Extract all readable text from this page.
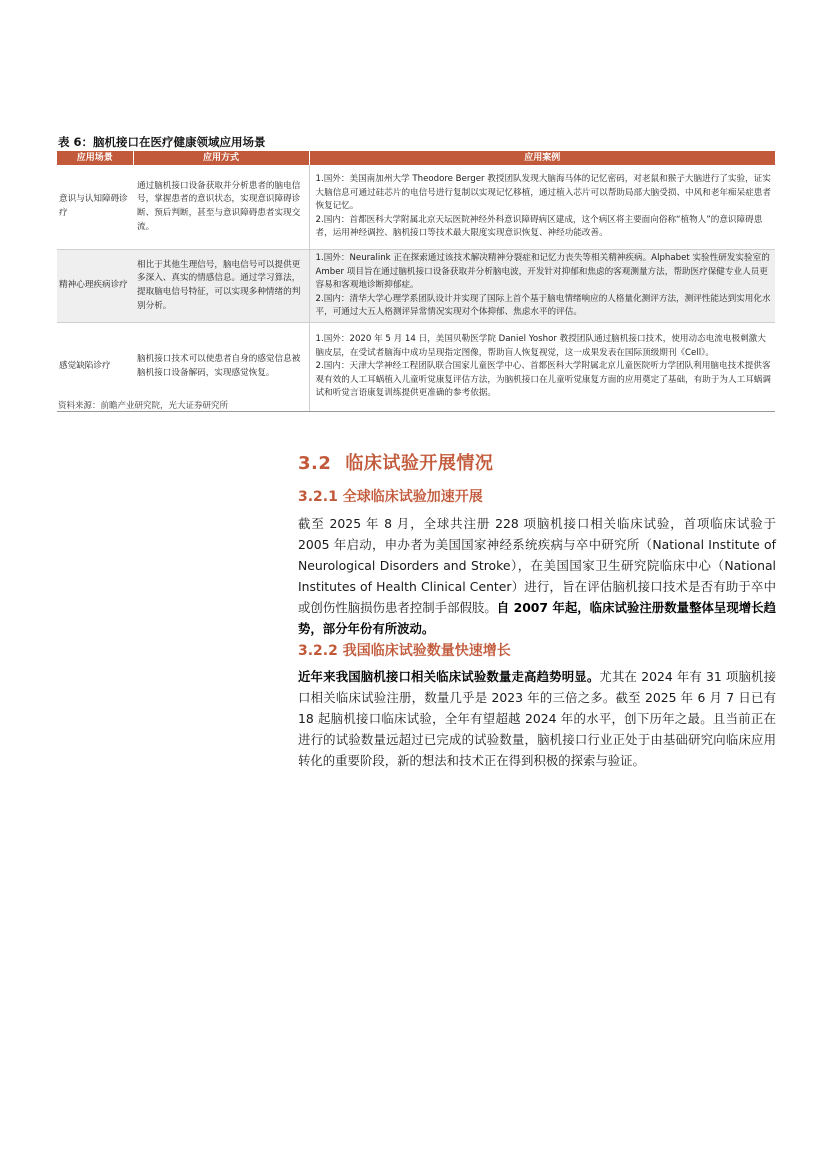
表 6：脑机接口在医疗健康领域应用场景
应用场景	应用方式	应用案例
意识与认知障碍诊疗	通过脑机接口设备获取并分析患者的脑电信号，掌握患者的意识状态，实现意识障碍诊断、预后判断，甚至与意识障碍患者实现交流。	1.国外：美国南加州大学 Theodore Berger 教授团队发现大脑海马体的记忆密码，对老鼠和猴子大脑进行了实验，证实大脑信息可通过硅芯片的电信号进行复制以实现记忆移植，通过植入芯片可以帮助局部大脑受损、中风和老年痴呆症患者恢复记忆。
2.国内：首都医科大学附属北京天坛医院神经外科意识障碍病区建成，这个病区将主要面向俗称“植物人”的意识障碍患者，运用神经调控、脑机接口等技术最大限度实现意识恢复、神经功能改善。

精神心理疾病诊疗	相比于其他生理信号，脑电信号可以提供更多深入、真实的情感信息。通过学习算法，提取脑电信号特征，可以实现多种情绪的判别分析。	1.国外：Neuralink 正在探索通过该技术解决精神分裂症和记忆力丧失等相关精神疾病。Alphabet 实验性研发实验室的 Amber 项目旨在通过脑机接口设备获取并分析脑电波，开发针对抑郁和焦虑的客观测量方法，帮助医疗保健专业人员更容易和客观地诊断抑郁症。
2.国内：清华大学心理学系团队设计并实现了国际上首个基于脑电情绪响应的人格量化测评方法，测评性能达到实用化水平，可通过大五人格测评异常情况实现对个体抑郁、焦虑水平的评估。

感觉缺陷诊疗	脑机接口技术可以使患者自身的感觉信息被脑机接口设备解码，实现感觉恢复。	1.国外：2020 年 5 月 14 日，美国贝勒医学院 Daniel Yoshor 教授团队通过脑机接口技术，使用动态电流电极刺激大脑皮层，在受试者脑海中成功呈现指定图像，帮助盲人恢复视觉，这一成果发表在国际顶级期刊《Cell》。
2.国内：天津大学神经工程团队联合国家儿童医学中心、首都医科大学附属北京儿童医院听力学团队利用脑电技术提供客观有效的人工耳蜗植入儿童听觉康复评估方法，为脑机接口在儿童听觉康复方面的应用奠定了基础，有助于为人工耳蜗调试和听觉言语康复训练提供更准确的参考依据。
资料来源：前瞻产业研究院，光大证券研究所
3.2 临床试验开展情况
3.2.1 全球临床试验加速开展

截至 2025 年 8 月，全球共注册 228 项脑机接口相关临床试验，首项临床试验于 2005 年启动，申办者为美国国家神经系统疾病与卒中研究所（National Institute of Neurological Disorders and Stroke），在美国国家卫生研究院临床中心（National Institutes of Health Clinical Center）进行，旨在评估脑机接口技术是否有助于卒中或创伤性脑损伤患者控制手部假肢。自 2007 年起，临床试验注册数量整体呈现增长趋势，部分年份有所波动。

3.2.2 我国临床试验数量快速增长

近年来我国脑机接口相关临床试验数量走高趋势明显。尤其在 2024 年有 31 项脑机接口相关临床试验注册，数量几乎是 2023 年的三倍之多。截至 2025 年 6 月 7 日已有 18 起脑机接口临床试验，全年有望超越 2024 年的水平，创下历年之最。且当前正在进行的试验数量远超过已完成的试验数量，脑机接口行业正处于由基础研究向临床应用转化的重要阶段，新的想法和技术正在得到积极的探索与验证。
